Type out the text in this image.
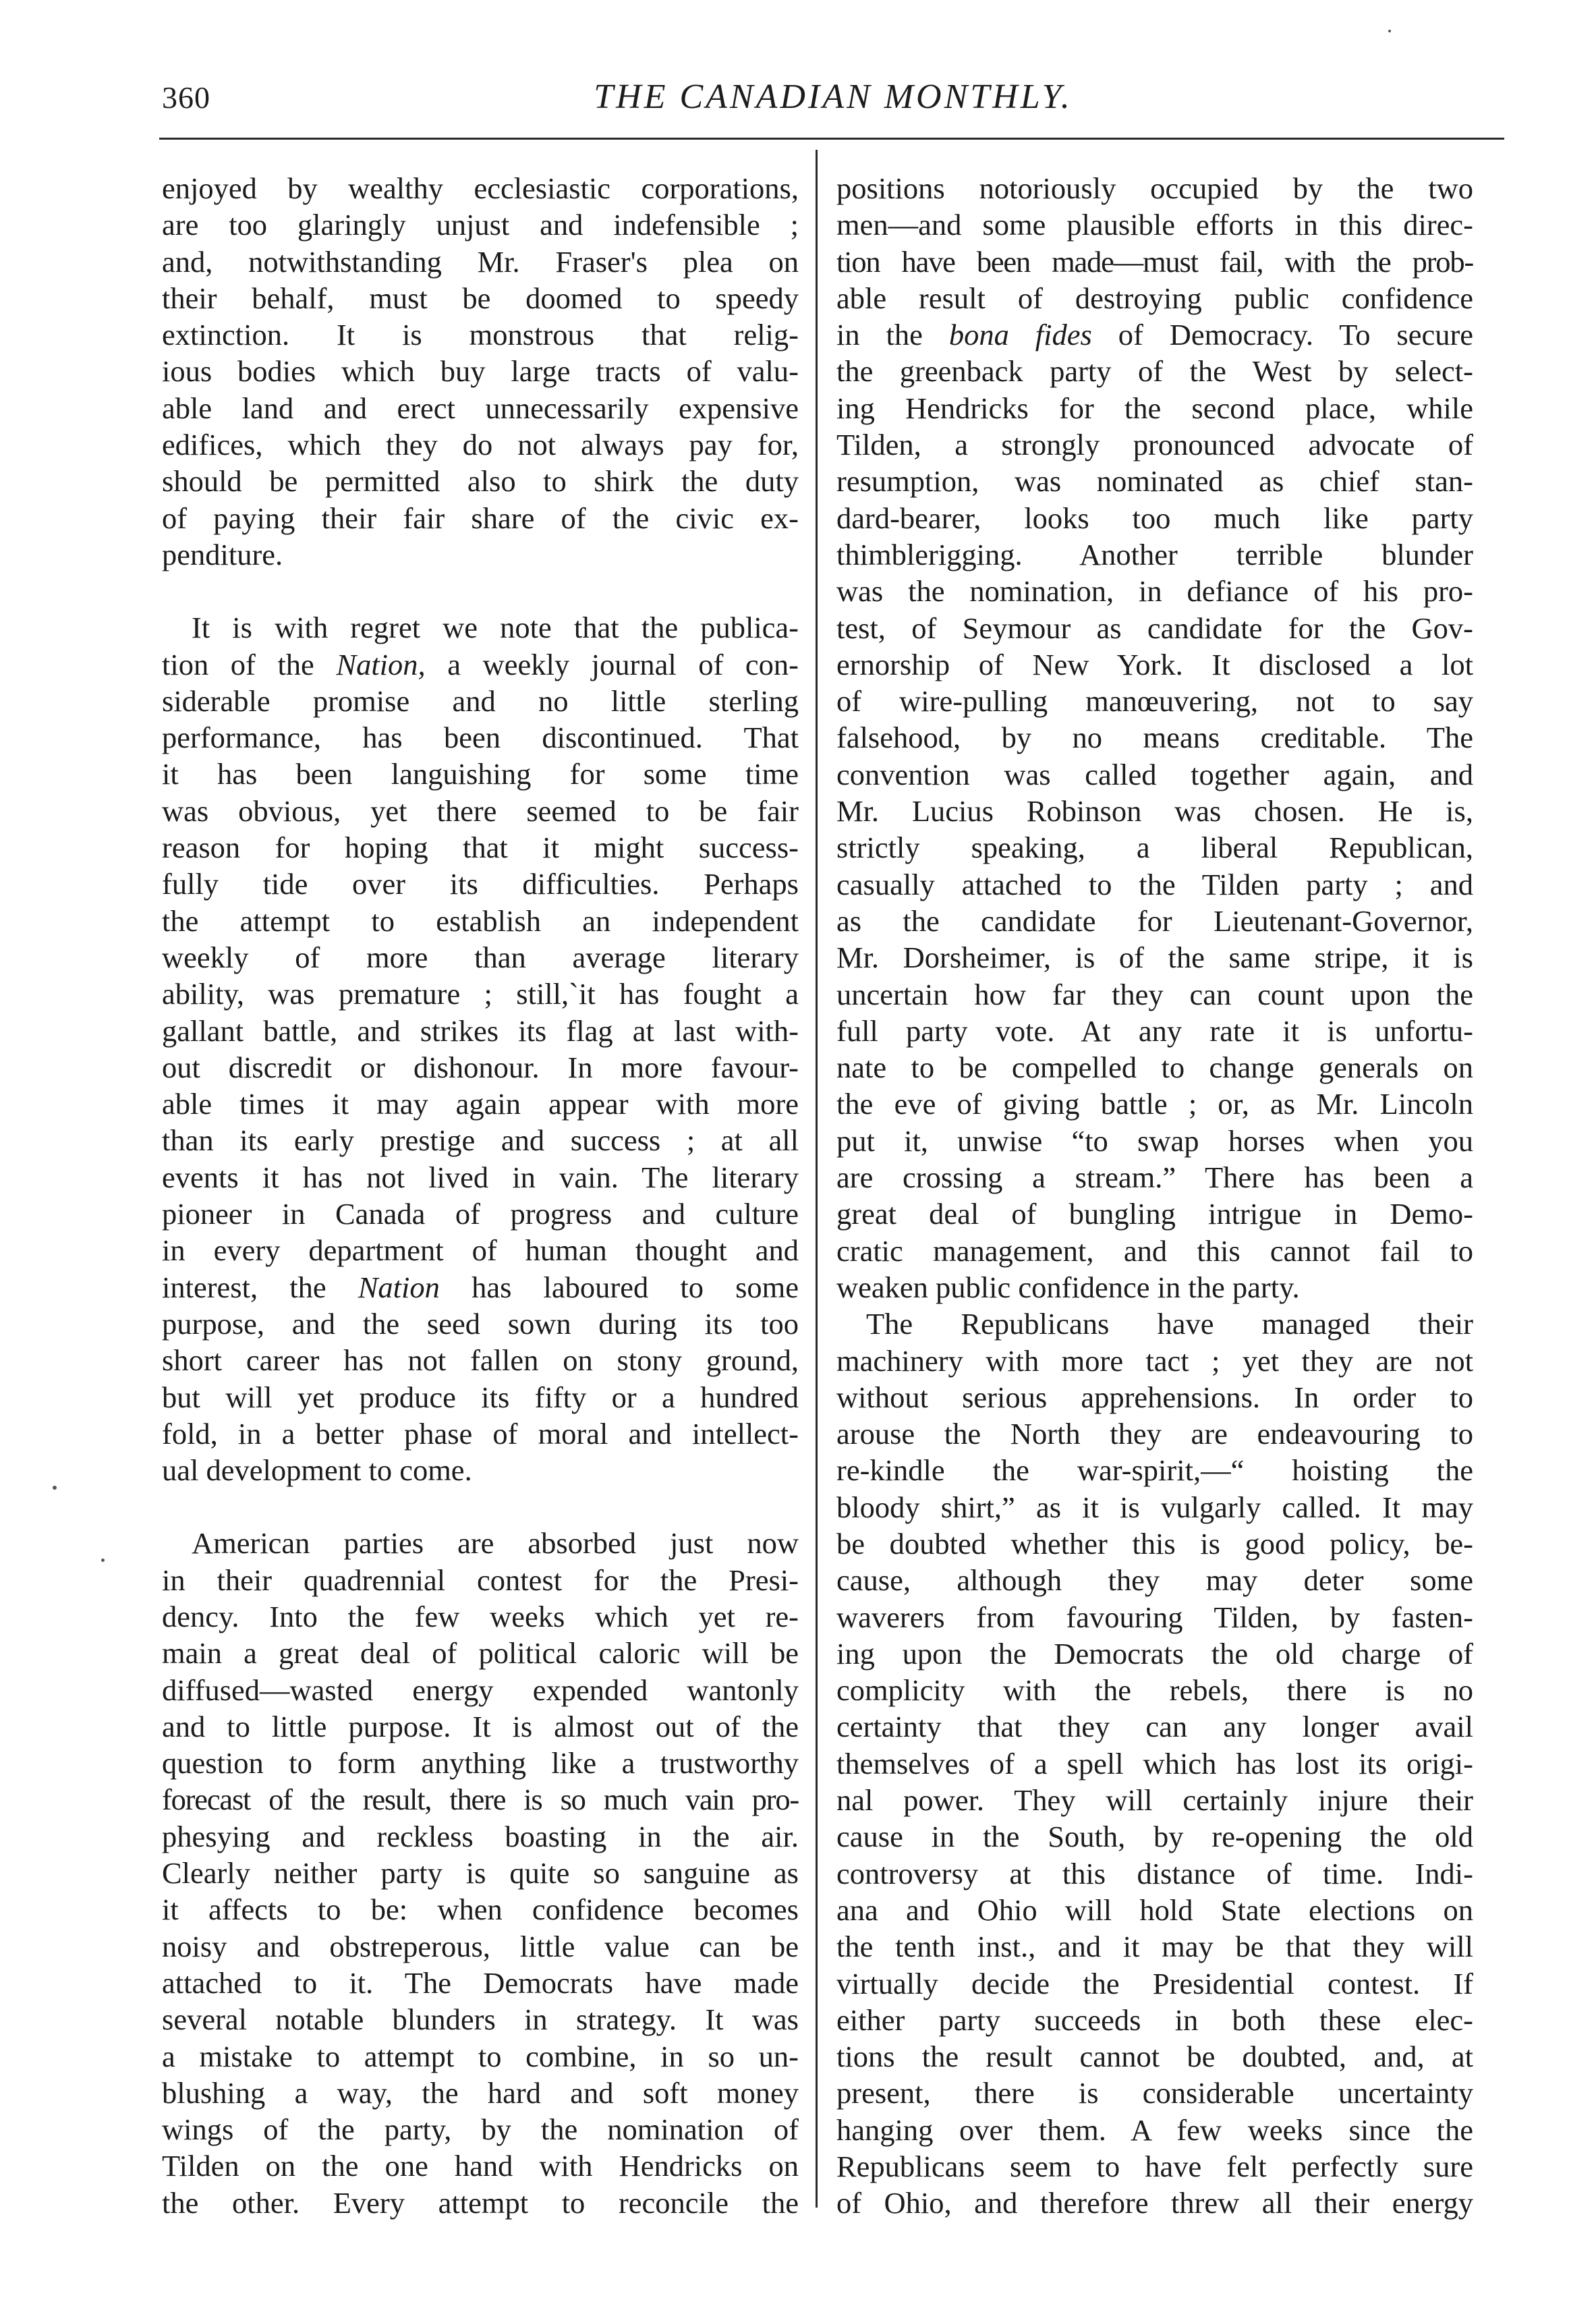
360	THE CANADIAN MONTHLY.
enjoyed by wealthy ecclesiastic corporations,
are too glaringly unjust and indefensible ;
and, notwithstanding Mr. Fraser's plea on
their behalf, must be doomed to speedy
extinction. It is monstrous that relig-
ious bodies which buy large tracts of valu-
able land and erect unnecessarily expensive
edifices, which they do not always pay for,
should be permitted also to shirk the duty
of paying their fair share of the civic ex-
penditure.
It is with regret we note that the publica-
tion of the Nation, a weekly journal of con-
siderable promise and no little sterling
performance, has been discontinued. That
it has been languishing for some time
was obvious, yet there seemed to be fair
reason for hoping that it might success-
fully tide over its difficulties. Perhaps
the attempt to establish an independent
weekly of more than average literary
ability, was premature ; still,`it has fought a
gallant battle, and strikes its flag at last with-
out discredit or dishonour. In more favour-
able times it may again appear with more
than its early prestige and success ; at all
events it has not lived in vain. The literary
pioneer in Canada of progress and culture
in every department of human thought and
interest, the Nation has laboured to some
purpose, and the seed sown during its too
short career has not fallen on stony ground,
but will yet produce its fifty or a hundred
fold, in a better phase of moral and intellect-
ual development to come.
American parties are absorbed just now
in their quadrennial contest for the Presi-
dency. Into the few weeks which yet re-
main a great deal of political caloric will be
diffused—wasted energy expended wantonly
and to little purpose. It is almost out of the
question to form anything like a trustworthy
forecast of the result, there is so much vain pro-
phesying and reckless boasting in the air.
Clearly neither party is quite so sanguine as
it affects to be: when confidence becomes
noisy and obstreperous, little value can be
attached to it. The Democrats have made
several notable blunders in strategy. It was
a mistake to attempt to combine, in so un-
blushing a way, the hard and soft money
wings of the party, by the nomination of
Tilden on the one hand with Hendricks on
the other. Every attempt to reconcile the
positions notoriously occupied by the two
men—and some plausible efforts in this direc-
tion have been made—must fail, with the prob-
able result of destroying public confidence
in the bona fides of Democracy. To secure
the greenback party of the West by select-
ing Hendricks for the second place, while
Tilden, a strongly pronounced advocate of
resumption, was nominated as chief stan-
dard-bearer, looks too much like party
thimblerigging. Another terrible blunder
was the nomination, in defiance of his pro-
test, of Seymour as candidate for the Gov-
ernorship of New York. It disclosed a lot
of wire-pulling manœuvering, not to say
falsehood, by no means creditable. The
convention was called together again, and
Mr. Lucius Robinson was chosen. He is,
strictly speaking, a liberal Republican,
casually attached to the Tilden party ; and
as the candidate for Lieutenant-Governor,
Mr. Dorsheimer, is of the same stripe, it is
uncertain how far they can count upon the
full party vote. At any rate it is unfortu-
nate to be compelled to change generals on
the eve of giving battle ; or, as Mr. Lincoln
put it, unwise “to swap horses when you
are crossing a stream.” There has been a
great deal of bungling intrigue in Demo-
cratic management, and this cannot fail to
weaken public confidence in the party.
The Republicans have managed their
machinery with more tact ; yet they are not
without serious apprehensions. In order to
arouse the North they are endeavouring to
re-kindle the war-spirit,—“ hoisting the
bloody shirt,” as it is vulgarly called. It may
be doubted whether this is good policy, be-
cause, although they may deter some
waverers from favouring Tilden, by fasten-
ing upon the Democrats the old charge of
complicity with the rebels, there is no
certainty that they can any longer avail
themselves of a spell which has lost its origi-
nal power. They will certainly injure their
cause in the South, by re-opening the old
controversy at this distance of time. Indi-
ana and Ohio will hold State elections on
the tenth inst., and it may be that they will
virtually decide the Presidential contest. If
either party succeeds in both these elec-
tions the result cannot be doubted, and, at
present, there is considerable uncertainty
hanging over them. A few weeks since the
Republicans seem to have felt perfectly sure
of Ohio, and therefore threw all their energy
